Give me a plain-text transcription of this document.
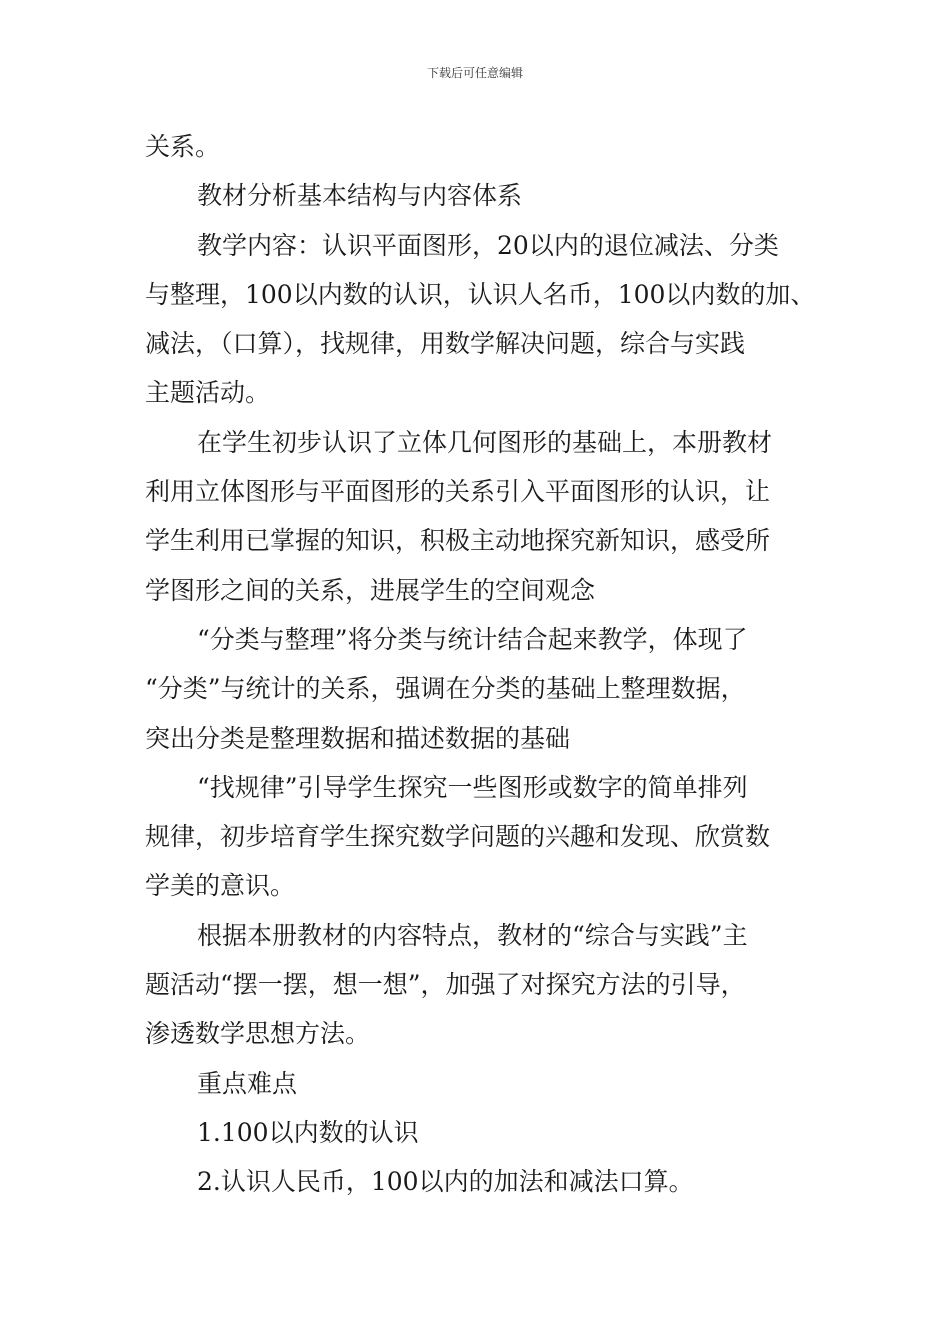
下载后可任意编辑
关系。
教材分析基本结构与内容体系
教学内容：认识平面图形，20以内的退位减法、分类
与整理，100以内数的认识，认识人名币，100以内数的加、
减法，（口算），找规律，用数学解决问题，综合与实践
主题活动。
在学生初步认识了立体几何图形的基础上，本册教材
利用立体图形与平面图形的关系引入平面图形的认识，让
学生利用已掌握的知识，积极主动地探究新知识，感受所
学图形之间的关系，进展学生的空间观念
“分类与整理”将分类与统计结合起来教学，体现了
“分类”与统计的关系，强调在分类的基础上整理数据，
突出分类是整理数据和描述数据的基础
“找规律”引导学生探究一些图形或数字的简单排列
规律，初步培育学生探究数学问题的兴趣和发现、欣赏数
学美的意识。
根据本册教材的内容特点，教材的“综合与实践”主
题活动“摆一摆，想一想”，加强了对探究方法的引导，
渗透数学思想方法。
重点难点
1.100以内数的认识
2.认识人民币，100以内的加法和减法口算。
